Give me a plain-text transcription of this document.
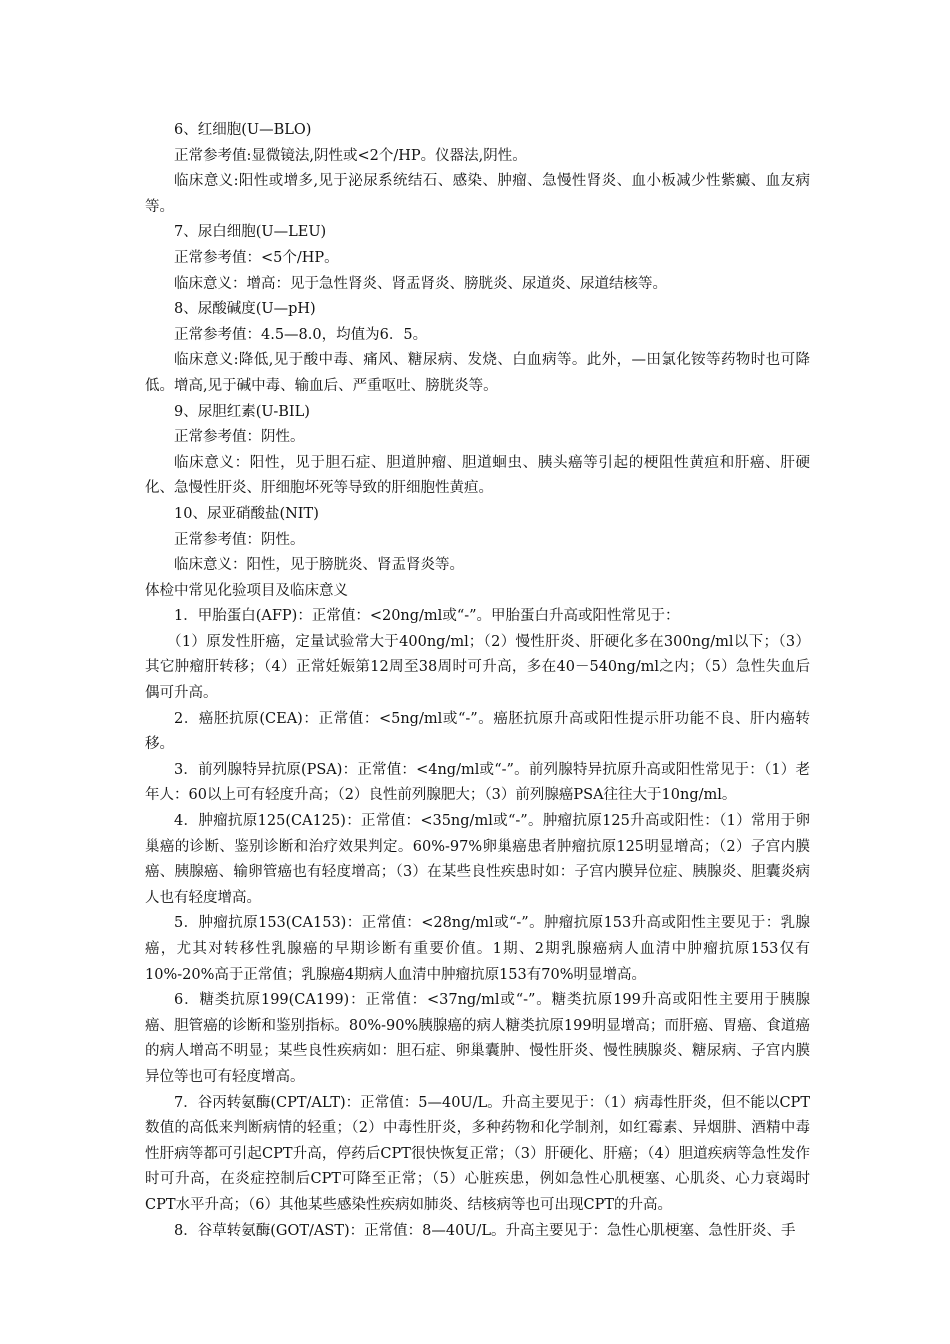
6、红细胞(U—BLO)

正常参考值:显微镜法,阴性或<2个/HP。仪器法,阴性。

临床意义:阳性或增多,见于泌尿系统结石、感染、肿瘤、急慢性肾炎、血小板减少性紫癜、血友病等。

7、尿白细胞(U—LEU)

正常参考值：<5个/HP。

临床意义：增高：见于急性肾炎、肾盂肾炎、膀胱炎、尿道炎、尿道结核等。

8、尿酸碱度(U—pH)

正常参考值：4.5—8.0，均值为6．5。

临床意义:降低,见于酸中毒、痛风、糖尿病、发烧、白血病等。此外，—田氯化铵等药物时也可降低。增高,见于碱中毒、输血后、严重呕吐、膀胱炎等。

9、尿胆红素(U-BIL)

正常参考值：阴性。

临床意义：阳性，见于胆石症、胆道肿瘤、胆道蛔虫、胰头癌等引起的梗阻性黄疸和肝癌、肝硬化、急慢性肝炎、肝细胞坏死等导致的肝细胞性黄疸。

10、尿亚硝酸盐(NIT)

正常参考值：阴性。

临床意义：阳性，见于膀胱炎、肾盂肾炎等。

体检中常见化验项目及临床意义

1．甲胎蛋白(AFP)：正常值：<20ng/ml或“-”。甲胎蛋白升高或阳性常见于：

（1）原发性肝癌，定量试验常大于400ng/ml；（2）慢性肝炎、肝硬化多在300ng/ml以下；（3）其它肿瘤肝转移；（4）正常妊娠第12周至38周时可升高，多在40－540ng/ml之内；（5）急性失血后偶可升高。

2．癌胚抗原(CEA)：正常值：<5ng/ml或“-”。癌胚抗原升高或阳性提示肝功能不良、肝内癌转移。

3．前列腺特异抗原(PSA)：正常值：<4ng/ml或“-”。前列腺特异抗原升高或阳性常见于：（1）老年人：60以上可有轻度升高；（2）良性前列腺肥大；（3）前列腺癌PSA往往大于10ng/ml。

4．肿瘤抗原125(CA125)：正常值：<35ng/ml或“-”。肿瘤抗原125升高或阳性：（1）常用于卵巢癌的诊断、鉴别诊断和治疗效果判定。60%-97%卵巢癌患者肿瘤抗原125明显增高；（2）子宫内膜癌、胰腺癌、输卵管癌也有轻度增高；（3）在某些良性疾患时如：子宫内膜异位症、胰腺炎、胆囊炎病人也有轻度增高。

5．肿瘤抗原153(CA153)：正常值：<28ng/ml或“-”。肿瘤抗原153升高或阳性主要见于：乳腺癌，尤其对转移性乳腺癌的早期诊断有重要价值。1期、2期乳腺癌病人血清中肿瘤抗原153仅有10%-20%高于正常值；乳腺癌4期病人血清中肿瘤抗原153有70%明显增高。

6．糖类抗原199(CA199)：正常值：<37ng/ml或“-”。糖类抗原199升高或阳性主要用于胰腺癌、胆管癌的诊断和鉴别指标。80%-90%胰腺癌的病人糖类抗原199明显增高；而肝癌、胃癌、食道癌的病人增高不明显；某些良性疾病如：胆石症、卵巢囊肿、慢性肝炎、慢性胰腺炎、糖尿病、子宫内膜异位等也可有轻度增高。

7．谷丙转氨酶(CPT/ALT)：正常值：5—40U/L。升高主要见于：（1）病毒性肝炎，但不能以CPT数值的高低来判断病情的轻重；（2）中毒性肝炎，多种药物和化学制剂，如红霉素、异烟肼、酒精中毒性肝病等都可引起CPT升高，停药后CPT很快恢复正常；（3）肝硬化、肝癌；（4）胆道疾病等急性发作时可升高，在炎症控制后CPT可降至正常；（5）心脏疾患，例如急性心肌梗塞、心肌炎、心力衰竭时CPT水平升高；（6）其他某些感染性疾病如肺炎、结核病等也可出现CPT的升高。

8．谷草转氨酶(GOT/AST)：正常值：8—40U/L。升高主要见于：急性心肌梗塞、急性肝炎、手
